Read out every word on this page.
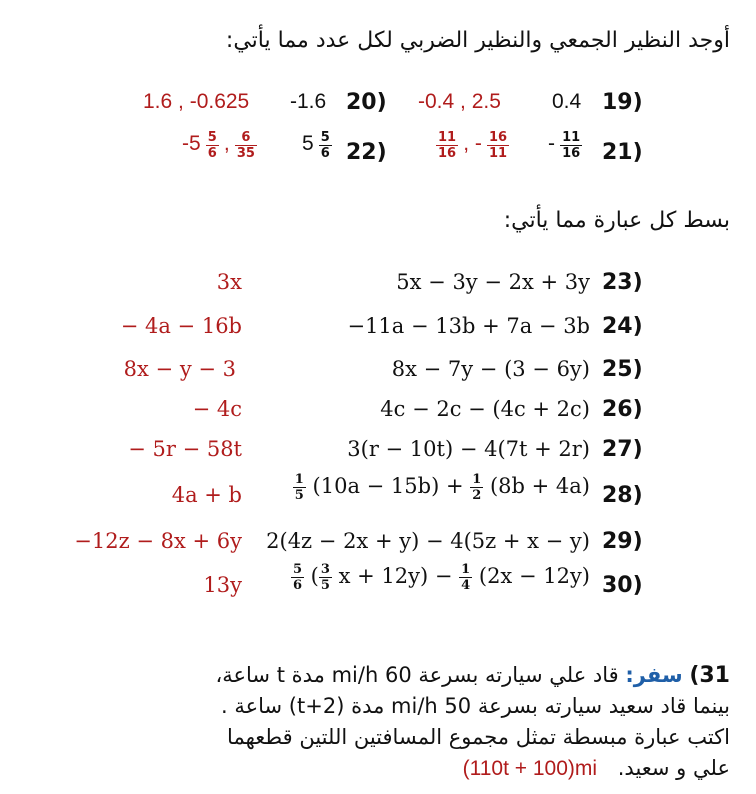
أوجد النظير الجمعي والنظير الضربي لكل عدد مما يأتي:
19)
0.4
-0.4 , 2.5
20)
-1.6
1.6 , -0.625
21)
- $\frac{11}{16}$
$\frac{11}{16}$ , - $\frac{16}{11}$
22)
$5 \frac{5}{6}$
$-5 \frac{5}{6}$ , $\frac{6}{35}$
بسط كل عبارة مما يأتي:
23)
5x − 3y − 2x + 3y
3x
24)
−11a − 13b + 7a − 3b
− 4a − 16b
25)
8x − 7y − (3 − 6y)
8x − y − 3
26)
4c − 2c − (4c + 2c)
− 4c
27)
3(r − 10t) − 4(7t + 2r)
− 5r − 58t
28)
$\frac{1}{5} (10a - 15b) + \frac{1}{2} (8b + 4a)$
4a + b
29)
2(4z − 2x + y) − 4(5z + x − y)
−12z − 8x + 6y
30)
$\frac{5}{6}$ ( $\frac{3}{5}$ $x + 12y) - \frac{1}{4} (2x - 12y)$
13y
31) سفر: قاد علي سيارته بسرعة 60 mi/h مدة t ساعة،
بينما قاد سعيد سيارته بسرعة 50 mi/h مدة (t+2) ساعة .
اكتب عبارة مبسطة تمثل مجموع المسافتين اللتين قطعهما
علي و سعيد. (110t + 100)mi
